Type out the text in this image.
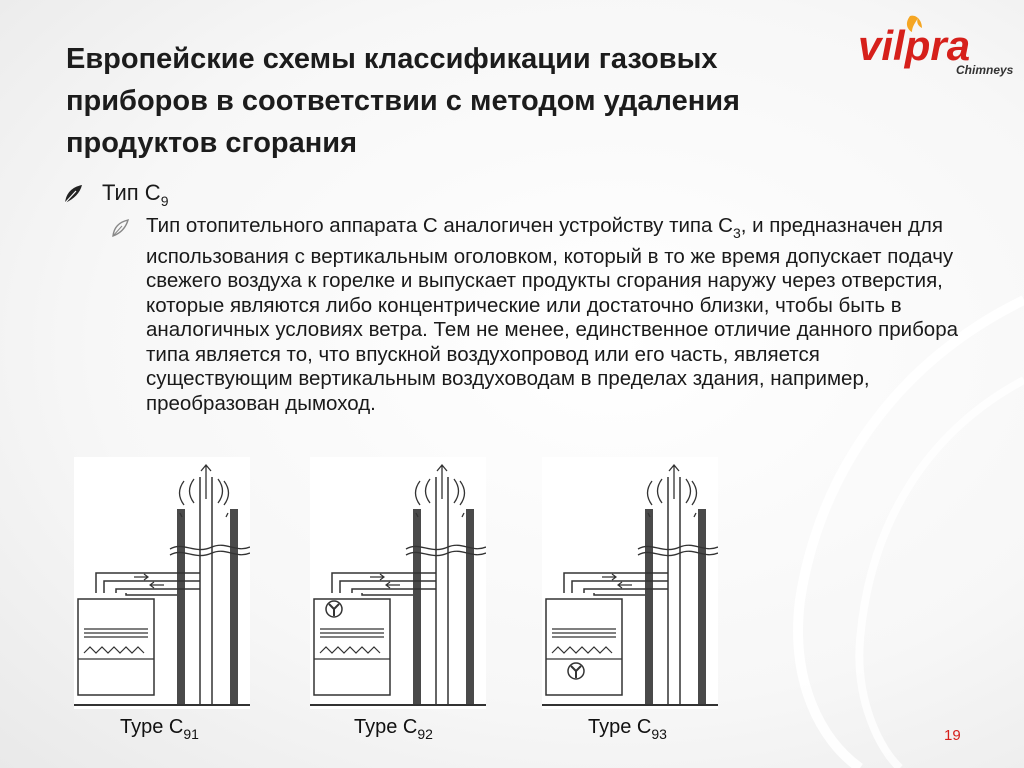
Европейские схемы классификации газовых приборов в соответствии с методом удаления продуктов сгорания
vilpra
Chimneys
Тип $С_9$

Тип отопительного аппарата С аналогичен устройству типа $С_3$, и предназначен для использования с вертикальным оголовком, который в то же время допускает подачу свежего воздуха к горелке и выпускает продукты сгорания наружу через отверстия, которые являются либо концентрические или достаточно близки, чтобы быть в аналогичных условиях ветра. Тем не менее, единственное отличие данного прибора типа является то, что впускной воздухопровод или его часть, является существующим вертикальным воздуховодам в пределах здания, например, преобразован дымоход.

Type $C_{91}$	Type $C_{92}$	Type $C_{93}$	19
